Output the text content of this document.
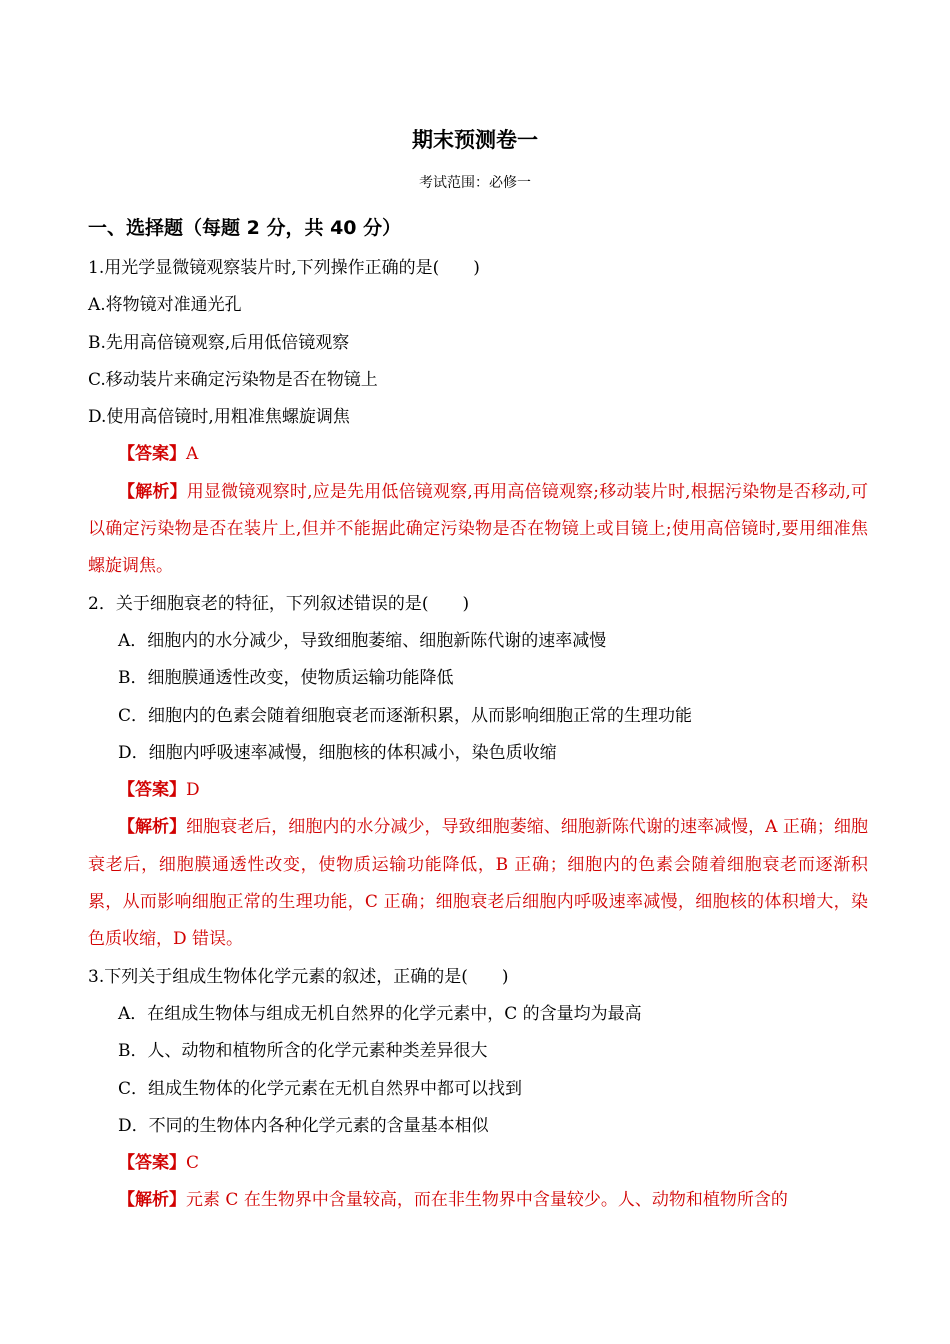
期末预测卷一
考试范围：必修一
一、选择题（每题 2 分，共 40 分）
1.用光学显微镜观察装片时,下列操作正确的是(　　)
A.将物镜对准通光孔
B.先用高倍镜观察,后用低倍镜观察
C.移动装片来确定污染物是否在物镜上
D.使用高倍镜时,用粗准焦螺旋调焦
【答案】A
【解析】用显微镜观察时,应是先用低倍镜观察,再用高倍镜观察;移动装片时,根据污染物是否移动,可以确定污染物是否在装片上,但并不能据此确定污染物是否在物镜上或目镜上;使用高倍镜时,要用细准焦螺旋调焦。
2．关于细胞衰老的特征，下列叙述错误的是(　　)
A．细胞内的水分减少，导致细胞萎缩、细胞新陈代谢的速率减慢
B．细胞膜通透性改变，使物质运输功能降低
C．细胞内的色素会随着细胞衰老而逐渐积累，从而影响细胞正常的生理功能
D．细胞内呼吸速率减慢，细胞核的体积减小，染色质收缩
【答案】D
【解析】细胞衰老后，细胞内的水分减少，导致细胞萎缩、细胞新陈代谢的速率减慢，A 正确；细胞衰老后，细胞膜通透性改变，使物质运输功能降低，B 正确；细胞内的色素会随着细胞衰老而逐渐积累，从而影响细胞正常的生理功能，C 正确；细胞衰老后细胞内呼吸速率减慢，细胞核的体积增大，染色质收缩，D 错误。
3.下列关于组成生物体化学元素的叙述，正确的是(　　)
A．在组成生物体与组成无机自然界的化学元素中，C 的含量均为最高
B．人、动物和植物所含的化学元素种类差异很大
C．组成生物体的化学元素在无机自然界中都可以找到
D．不同的生物体内各种化学元素的含量基本相似
【答案】C
【解析】元素 C 在生物界中含量较高，而在非生物界中含量较少。人、动物和植物所含的
